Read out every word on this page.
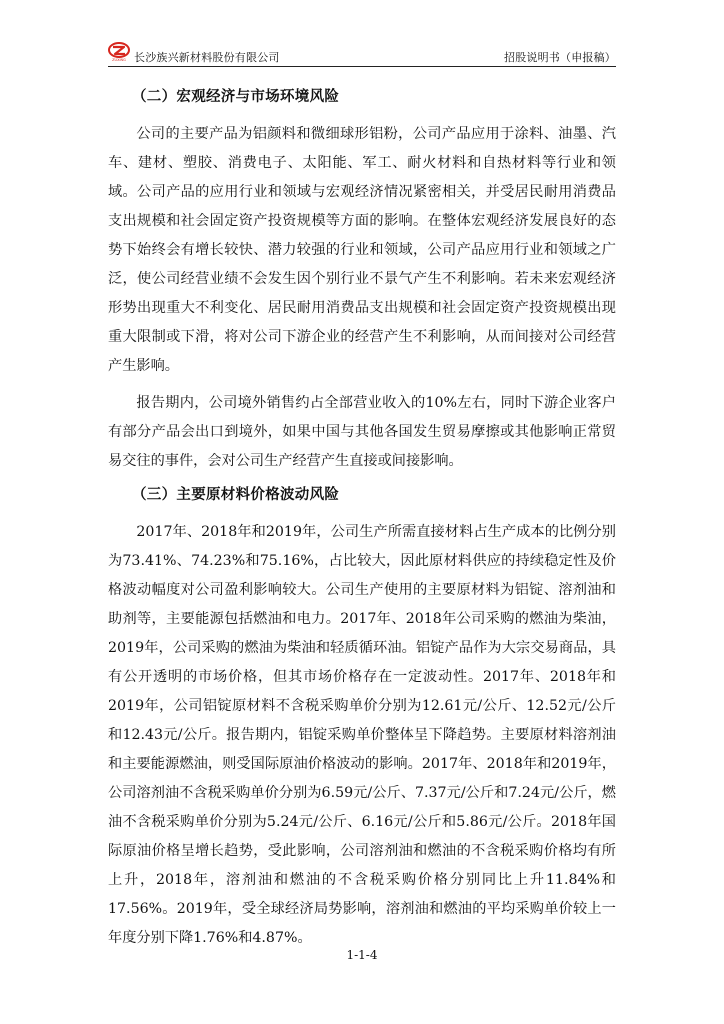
ZUXING 长沙族兴新材料股份有限公司	招股说明书（申报稿）
（二）宏观经济与市场环境风险

公司的主要产品为铝颜料和微细球形铝粉，公司产品应用于涂料、油墨、汽车、建材、塑胶、消费电子、太阳能、军工、耐火材料和自热材料等行业和领域。公司产品的应用行业和领域与宏观经济情况紧密相关，并受居民耐用消费品支出规模和社会固定资产投资规模等方面的影响。在整体宏观经济发展良好的态势下始终会有增长较快、潜力较强的行业和领域，公司产品应用行业和领域之广泛，使公司经营业绩不会发生因个别行业不景气产生不利影响。若未来宏观经济形势出现重大不利变化、居民耐用消费品支出规模和社会固定资产投资规模出现重大限制或下滑，将对公司下游企业的经营产生不利影响，从而间接对公司经营产生影响。

报告期内，公司境外销售约占全部营业收入的10%左右，同时下游企业客户有部分产品会出口到境外，如果中国与其他各国发生贸易摩擦或其他影响正常贸易交往的事件，会对公司生产经营产生直接或间接影响。

（三）主要原材料价格波动风险

2017年、2018年和2019年，公司生产所需直接材料占生产成本的比例分别为73.41%、74.23%和75.16%，占比较大，因此原材料供应的持续稳定性及价格波动幅度对公司盈利影响较大。公司生产使用的主要原材料为铝锭、溶剂油和助剂等，主要能源包括燃油和电力。2017年、2018年公司采购的燃油为柴油，2019年，公司采购的燃油为柴油和轻质循环油。铝锭产品作为大宗交易商品，具有公开透明的市场价格，但其市场价格存在一定波动性。2017年、2018年和2019年，公司铝锭原材料不含税采购单价分别为12.61元/公斤、12.52元/公斤和12.43元/公斤。报告期内，铝锭采购单价整体呈下降趋势。主要原材料溶剂油和主要能源燃油，则受国际原油价格波动的影响。2017年、2018年和2019年，公司溶剂油不含税采购单价分别为6.59元/公斤、7.37元/公斤和7.24元/公斤，燃油不含税采购单价分别为5.24元/公斤、6.16元/公斤和5.86元/公斤。2018年国际原油价格呈增长趋势，受此影响，公司溶剂油和燃油的不含税采购价格均有所上升，2018年，溶剂油和燃油的不含税采购价格分别同比上升11.84%和17.56%。2019年，受全球经济局势影响，溶剂油和燃油的平均采购单价较上一年度分别下降1.76%和4.87%。

1-1-4
